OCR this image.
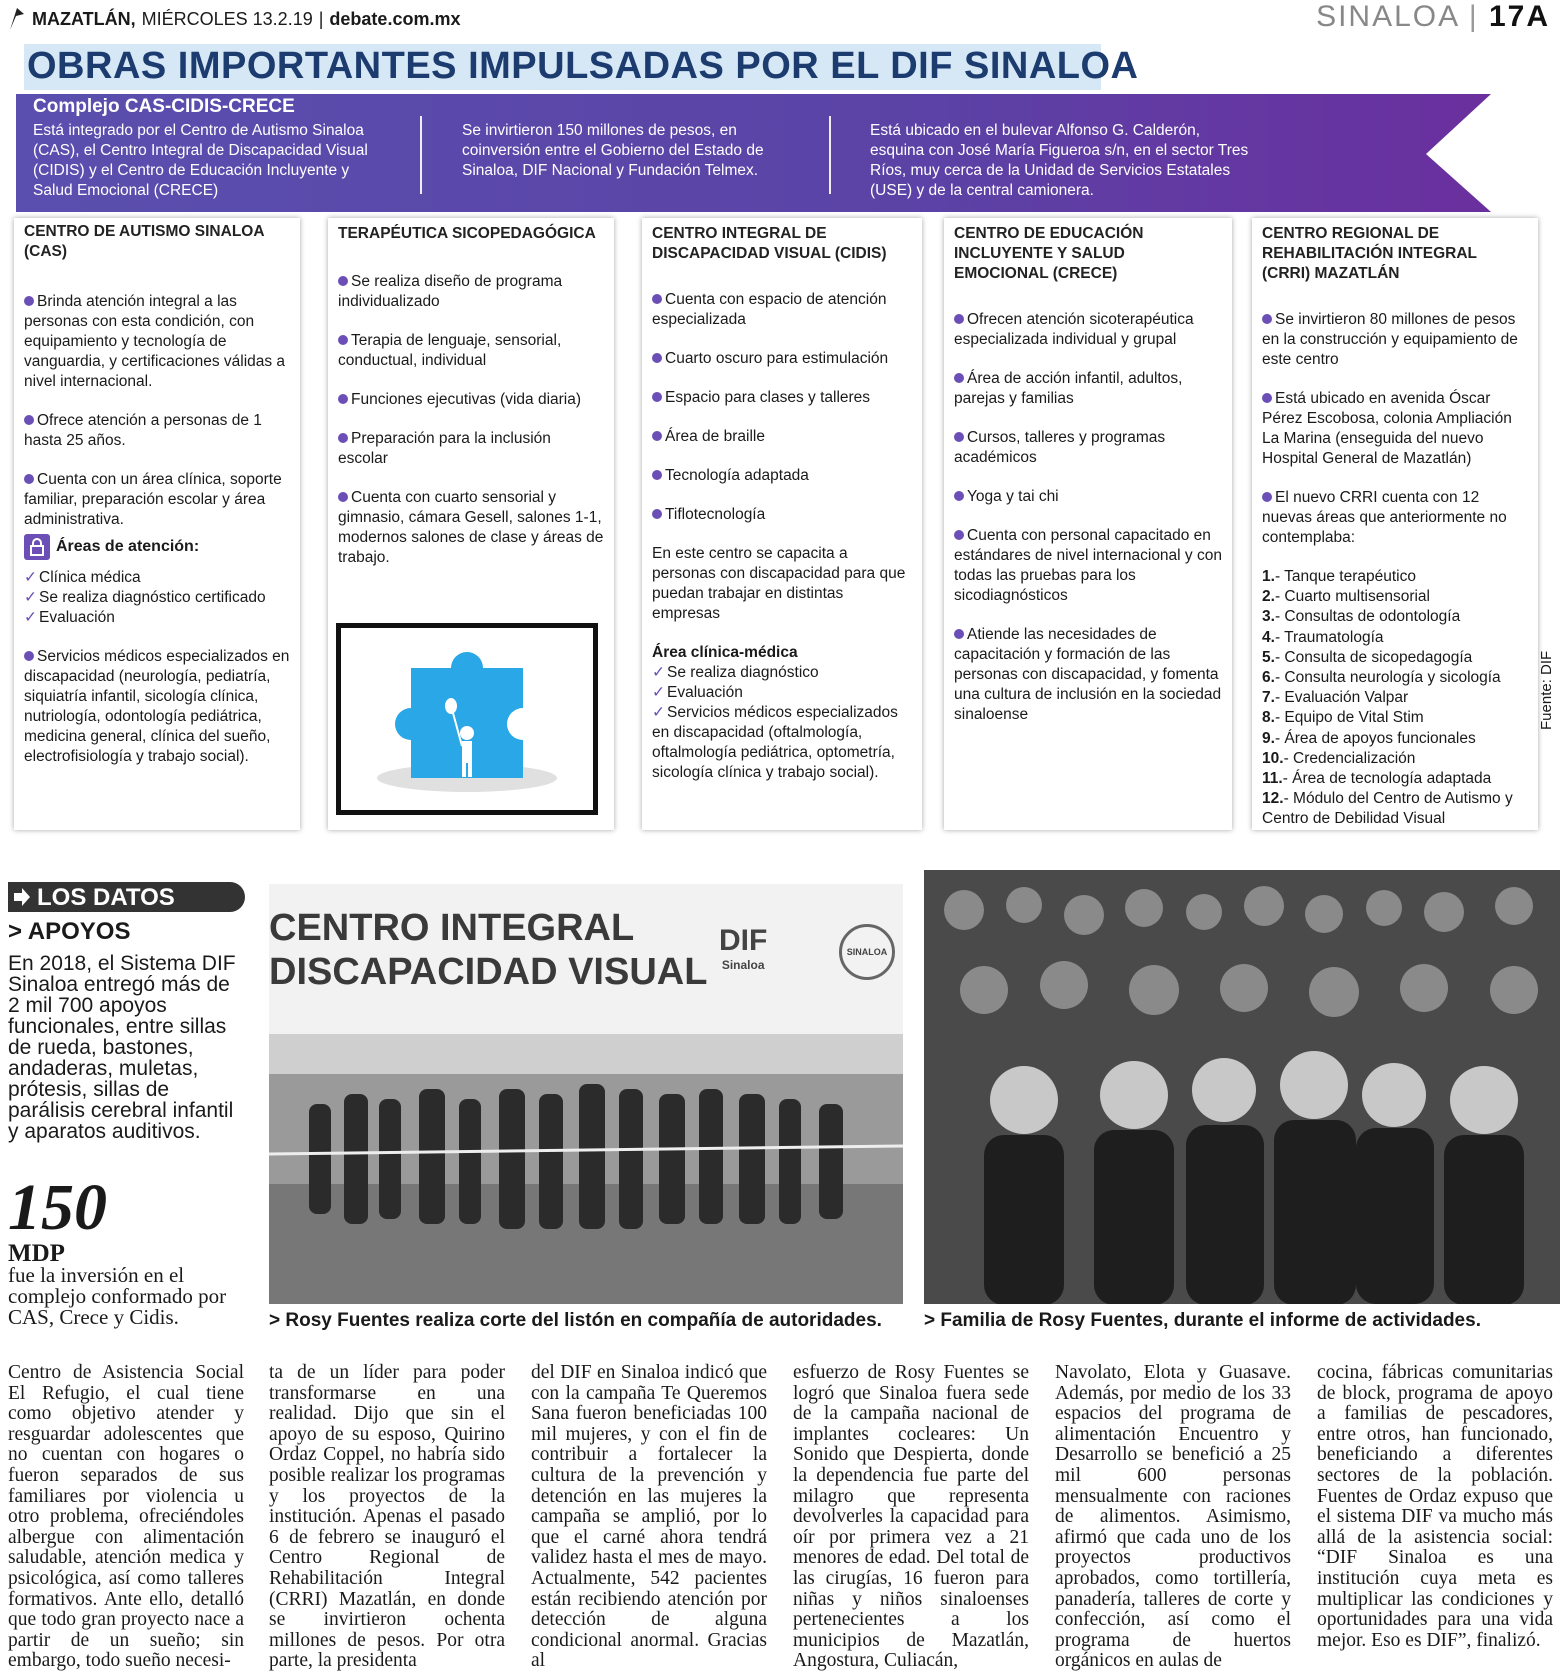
MAZATLÁN, MIÉRCOLES 13.2.19 | debate.com.mx	SINALOA | 17A
OBRAS IMPORTANTES IMPULSADAS POR EL DIF SINALOA
Complejo CAS-CIDIS-CRECE
Está integrado por el Centro de Autismo Sinaloa (CAS), el Centro Integral de Discapacidad Visual (CIDIS) y el Centro de Educación Incluyente y Salud Emocional (CRECE)
Se invirtieron 150 millones de pesos, en coinversión entre el Gobierno del Estado de Sinaloa, DIF Nacional y Fundación Telmex.
Está ubicado en el bulevar Alfonso G. Calderón, esquina con José María Figueroa s/n, en el sector Tres Ríos, muy cerca de la Unidad de Servicios Estatales (USE) y de la central camionera.
CENTRO DE AUTISMO SINALOA (CAS)

Brinda atención integral a las personas con esta condición, con equipamiento y tecnología de vanguardia, y certificaciones válidas a nivel internacional.

Ofrece atención a personas de 1 hasta 25 años.

Cuenta con un área clínica, soporte familiar, preparación escolar y área administrativa.

Áreas de atención:
✓ Clínica médica
✓ Se realiza diagnóstico certificado
✓ Evaluación

Servicios médicos especializados en discapacidad (neurología, pediatría, siquiatría infantil, sicología clínica, nutriología, odontología pediátrica, medicina general, clínica del sueño, electrofisiología y trabajo social).

TERAPÉUTICA SICOPEDAGÓGICA

Se realiza diseño de programa individualizado

Terapia de lenguaje, sensorial, conductual, individual

Funciones ejecutivas (vida diaria)

Preparación para la inclusión escolar

Cuenta con cuarto sensorial y gimnasio, cámara Gesell, salones 1-1, modernos salones de clase y áreas de trabajo.

CENTRO INTEGRAL DE DISCAPACIDAD VISUAL (CIDIS)

Cuenta con espacio de atención especializada

Cuarto oscuro para estimulación

Espacio para clases y talleres

Área de braille

Tecnología adaptada

Tiflotecnología

En este centro se capacita a personas con discapacidad para que puedan trabajar en distintas empresas

Área clínica-médica
✓ Se realiza diagnóstico
✓ Evaluación
✓ Servicios médicos especializados en discapacidad (oftalmología, oftalmología pediátrica, optometría, sicología clínica y trabajo social).
CENTRO DE EDUCACIÓN INCLUYENTE Y SALUD EMOCIONAL (CRECE)

Ofrecen atención sicoterapéutica especializada individual y grupal

Área de acción infantil, adultos, parejas y familias

Cursos, talleres y programas académicos

Yoga y tai chi

Cuenta con personal capacitado en estándares de nivel internacional y con todas las pruebas para los sicodiagnósticos

Atiende las necesidades de capacitación y formación de las personas con discapacidad, y fomenta una cultura de inclusión en la sociedad sinaloense

CENTRO REGIONAL DE REHABILITACIÓN INTEGRAL (CRRI) MAZATLÁN

Se invirtieron 80 millones de pesos en la construcción y equipamiento de este centro

Está ubicado en avenida Óscar Pérez Escobosa, colonia Ampliación La Marina (enseguida del nuevo Hospital General de Mazatlán)

El nuevo CRRI cuenta con 12 nuevas áreas que anteriormente no contemplaba:

1.- Tanque terapéutico
2.- Cuarto multisensorial
3.- Consultas de odontología
4.- Traumatología
5.- Consulta de sicopedagogía
6.- Consulta neurología y sicología
7.- Evaluación Valpar
8.- Equipo de Vital Stim
9.- Área de apoyos funcionales
10.- Credencialización
11.- Área de tecnología adaptada
12.- Módulo del Centro de Autismo y Centro de Debilidad Visual
Fuente: DIF
LOS DATOS
> APOYOS
En 2018, el Sistema DIF Sinaloa entregó más de 2 mil 700 apoyos funcionales, entre sillas de rueda, bastones, andaderas, muletas, prótesis, sillas de parálisis cerebral infantil y aparatos auditivos.
150
MDP
fue la inversión en el complejo conformado por CAS, Crece y Cidis.
CENTRO INTEGRAL
DISCAPACIDAD VISUAL
DIF
Sinaloa
SINALOA
> Rosy Fuentes realiza corte del listón en compañía de autoridades. > Familia de Rosy Fuentes, durante el informe de actividades.
Centro de Asistencia Social El Refugio, el cual tiene como objetivo atender y resguardar adolescentes que no cuentan con hogares o fueron separados de sus familiares por violencia u otro problema, ofreciéndoles albergue con alimentación saludable, atención medica y psicológica, así como talleres formativos. Ante ello, detalló que todo gran proyecto nace a partir de un sueño; sin embargo, todo sueño necesi-
ta de un líder para poder transformarse en una realidad. Dijo que sin el apoyo de su esposo, Quirino Ordaz Coppel, no habría sido posible realizar los programas y los proyectos de la institución. Apenas el pasado 6 de febrero se inauguró el Centro Regional de Rehabilitación Integral (CRRI) Mazatlán, en donde se invirtieron ochenta millones de pesos. Por otra parte, la presidenta
del DIF en Sinaloa indicó que con la campaña Te Queremos Sana fueron beneficiadas 100 mil mujeres, y con el fin de contribuir a fortalecer la cultura de la prevención y detención en las mujeres la campaña se amplió, por lo que el carné ahora tendrá validez hasta el mes de mayo. Actualmente, 542 pacientes están recibiendo atención por detección de alguna condicional anormal. Gracias al
esfuerzo de Rosy Fuentes se logró que Sinaloa fuera sede de la campaña nacional de implantes cocleares: Un Sonido que Despierta, donde la dependencia fue parte del milagro que representa devolverles la capacidad para oír por primera vez a 21 menores de edad. Del total de las cirugías, 16 fueron para niñas y niños sinaloenses pertenecientes a los municipios de Mazatlán, Angostura, Culiacán,
Navolato, Elota y Guasave. Además, por medio de los 33 espacios del programa de alimentación Encuentro y Desarrollo se benefició a 25 mil 600 personas mensualmente con raciones de alimentos. Asimismo, afirmó que cada uno de los proyectos productivos aprobados, como tortillería, panadería, talleres de corte y confección, así como el programa de huertos orgánicos en aulas de
cocina, fábricas comunitarias de block, programa de apoyo a familias de pescadores, entre otros, han funcionado, beneficiando a diferentes sectores de la población. Fuentes de Ordaz expuso que el sistema DIF va mucho más allá de la asistencia social: “DIF Sinaloa es una institución cuya meta es multiplicar las condiciones y oportunidades para una vida mejor. Eso es DIF”, finalizó.
